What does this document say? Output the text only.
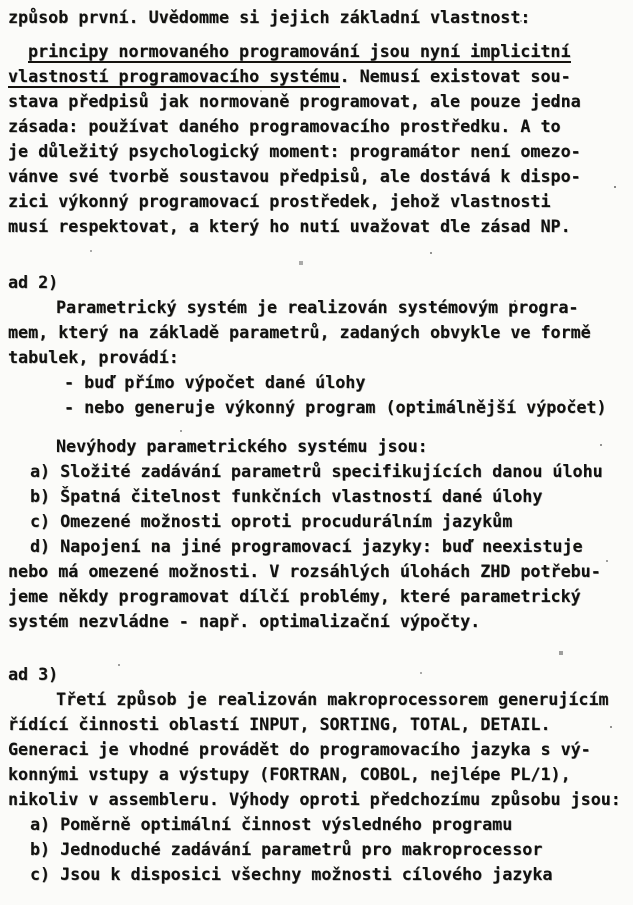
způsob první. Uvědomme si jejich základní vlastnost:
principy normovaného programování jsou nyní implicitní
vlastností programovacího systému. Nemusí existovat sou-
stava předpisů jak normovaně programovat, ale pouze jedna
zásada: používat daného programovacího prostředku. A to
je důležitý psychologický moment: programátor není omezo-
vánve své tvorbě soustavou předpisů, ale dostává k dispo-
zici výkonný programovací prostředek, jehož vlastnosti
musí respektovat, a který ho nutí uvažovat dle zásad NP.
ad 2)
Parametrický systém je realizován systémovým progra-
mem, který na základě parametrů, zadaných obvykle ve formě
tabulek, provádí:
- buď přímo výpočet dané úlohy
- nebo generuje výkonný program (optimálnější výpočet)
Nevýhody parametrického systému jsou:
a) Složité zadávání parametrů specifikujících danou úlohu
b) Špatná čitelnost funkčních vlastností dané úlohy
c) Omezené možnosti oproti procudurálním jazykům
d) Napojení na jiné programovací jazyky: buď neexistuje
nebo má omezené možnosti. V rozsáhlých úlohách ZHD potřebu-
jeme někdy programovat dílčí problémy, které parametrický
systém nezvládne - např. optimalizační výpočty.
ad 3)
Třetí způsob je realizován makroprocessorem generujícím
řídící činnosti oblastí INPUT, SORTING, TOTAL, DETAIL.
Generaci je vhodné provádět do programovacího jazyka s vý-
konnými vstupy a výstupy (FORTRAN, COBOL, nejlépe PL/1),
nikoliv v assembleru. Výhody oproti předchozímu způsobu jsou:
a) Poměrně optimální činnost výsledného programu
b) Jednoduché zadávání parametrů pro makroprocessor
c) Jsou k disposici všechny možnosti cílového jazyka
